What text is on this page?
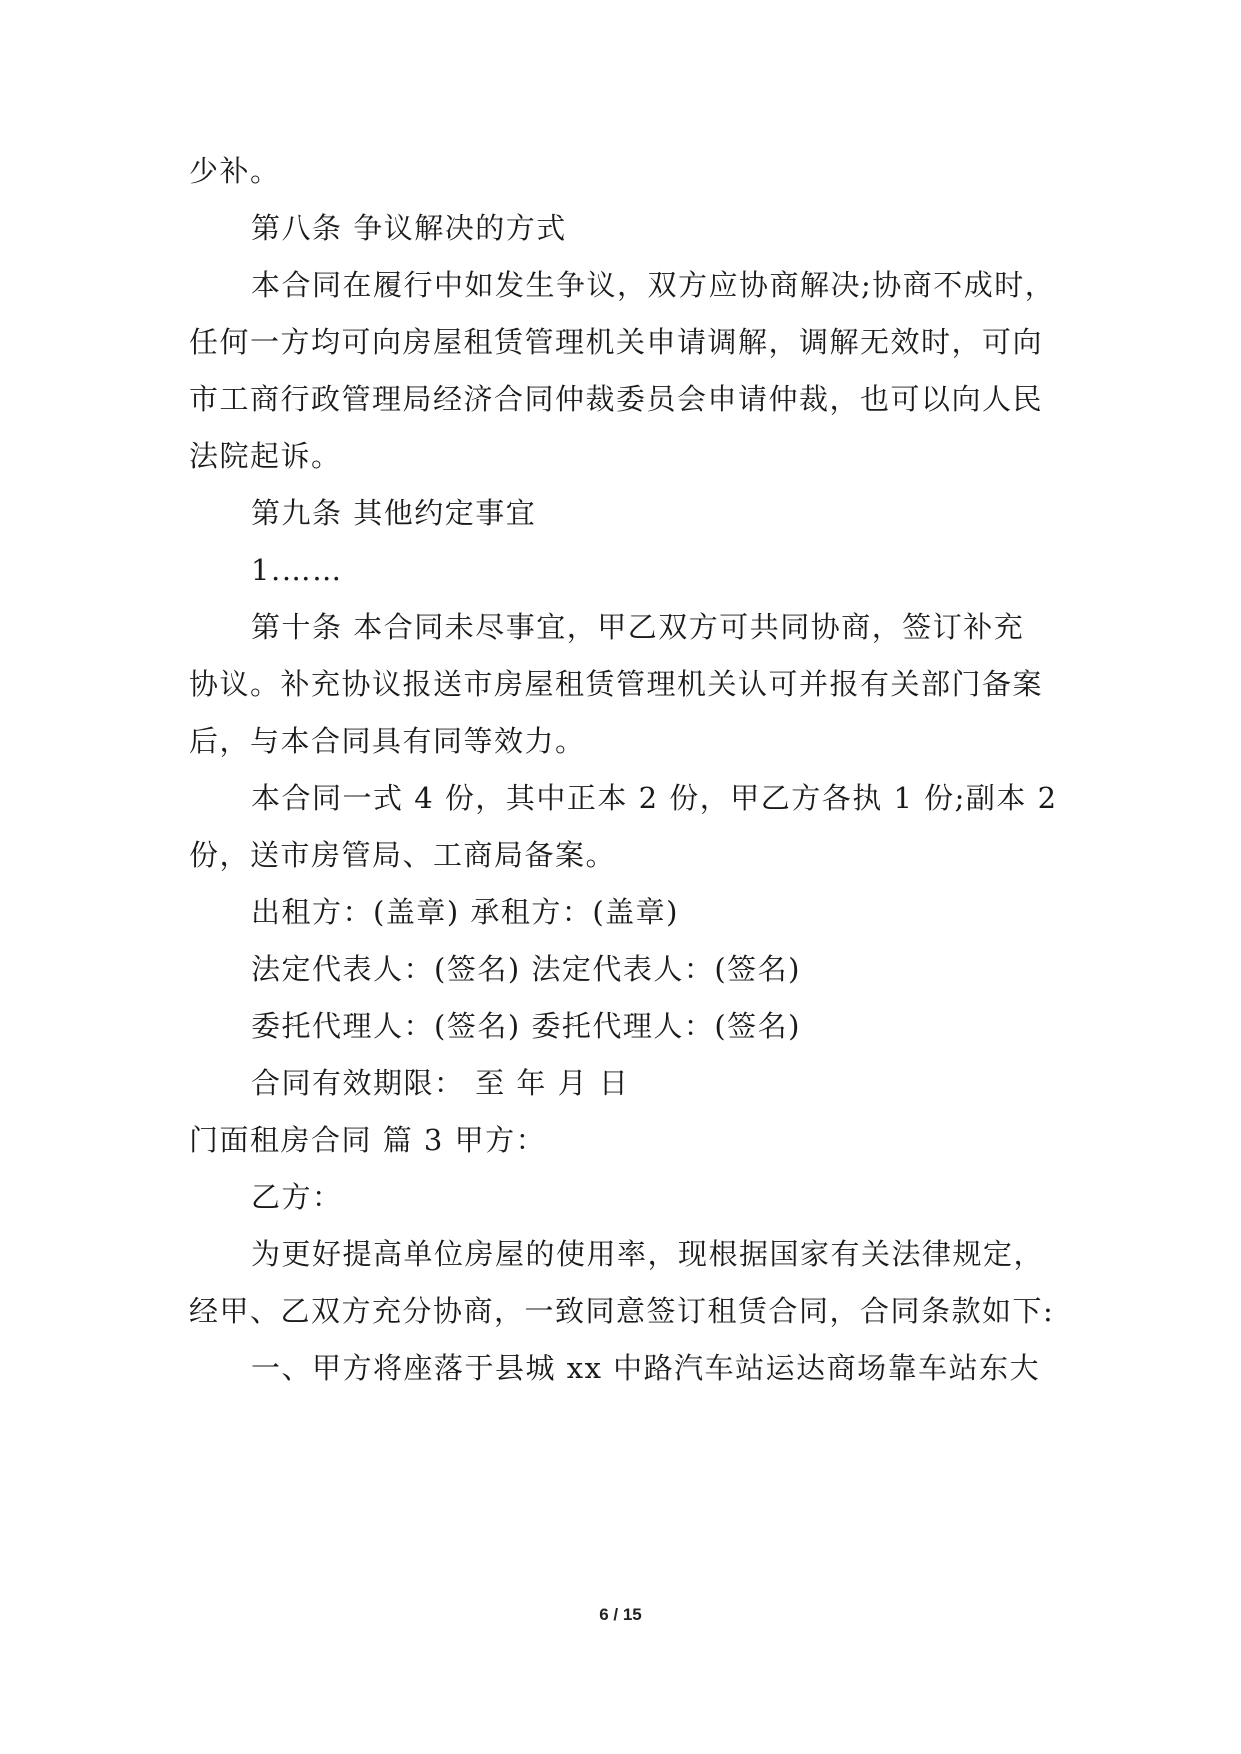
少补。
第八条 争议解决的方式
本合同在履行中如发生争议，双方应协商解决;协商不成时，
任何一方均可向房屋租赁管理机关申请调解，调解无效时，可向
市工商行政管理局经济合同仲裁委员会申请仲裁，也可以向人民
法院起诉。
第九条 其他约定事宜
1.……
第十条 本合同未尽事宜，甲乙双方可共同协商，签订补充
协议。补充协议报送市房屋租赁管理机关认可并报有关部门备案
后，与本合同具有同等效力。
本合同一式 4 份，其中正本 2 份，甲乙方各执 1 份;副本 2
份，送市房管局、工商局备案。
出租方：(盖章) 承租方：(盖章)
法定代表人：(签名) 法定代表人：(签名)
委托代理人：(签名) 委托代理人：(签名)
合同有效期限： 至 年 月 日
门面租房合同 篇 3 甲方：
乙方：
为更好提高单位房屋的使用率，现根据国家有关法律规定，
经甲、乙双方充分协商，一致同意签订租赁合同，合同条款如下:
一、甲方将座落于县城 xx 中路汽车站运达商场靠车站东大
6 / 15
